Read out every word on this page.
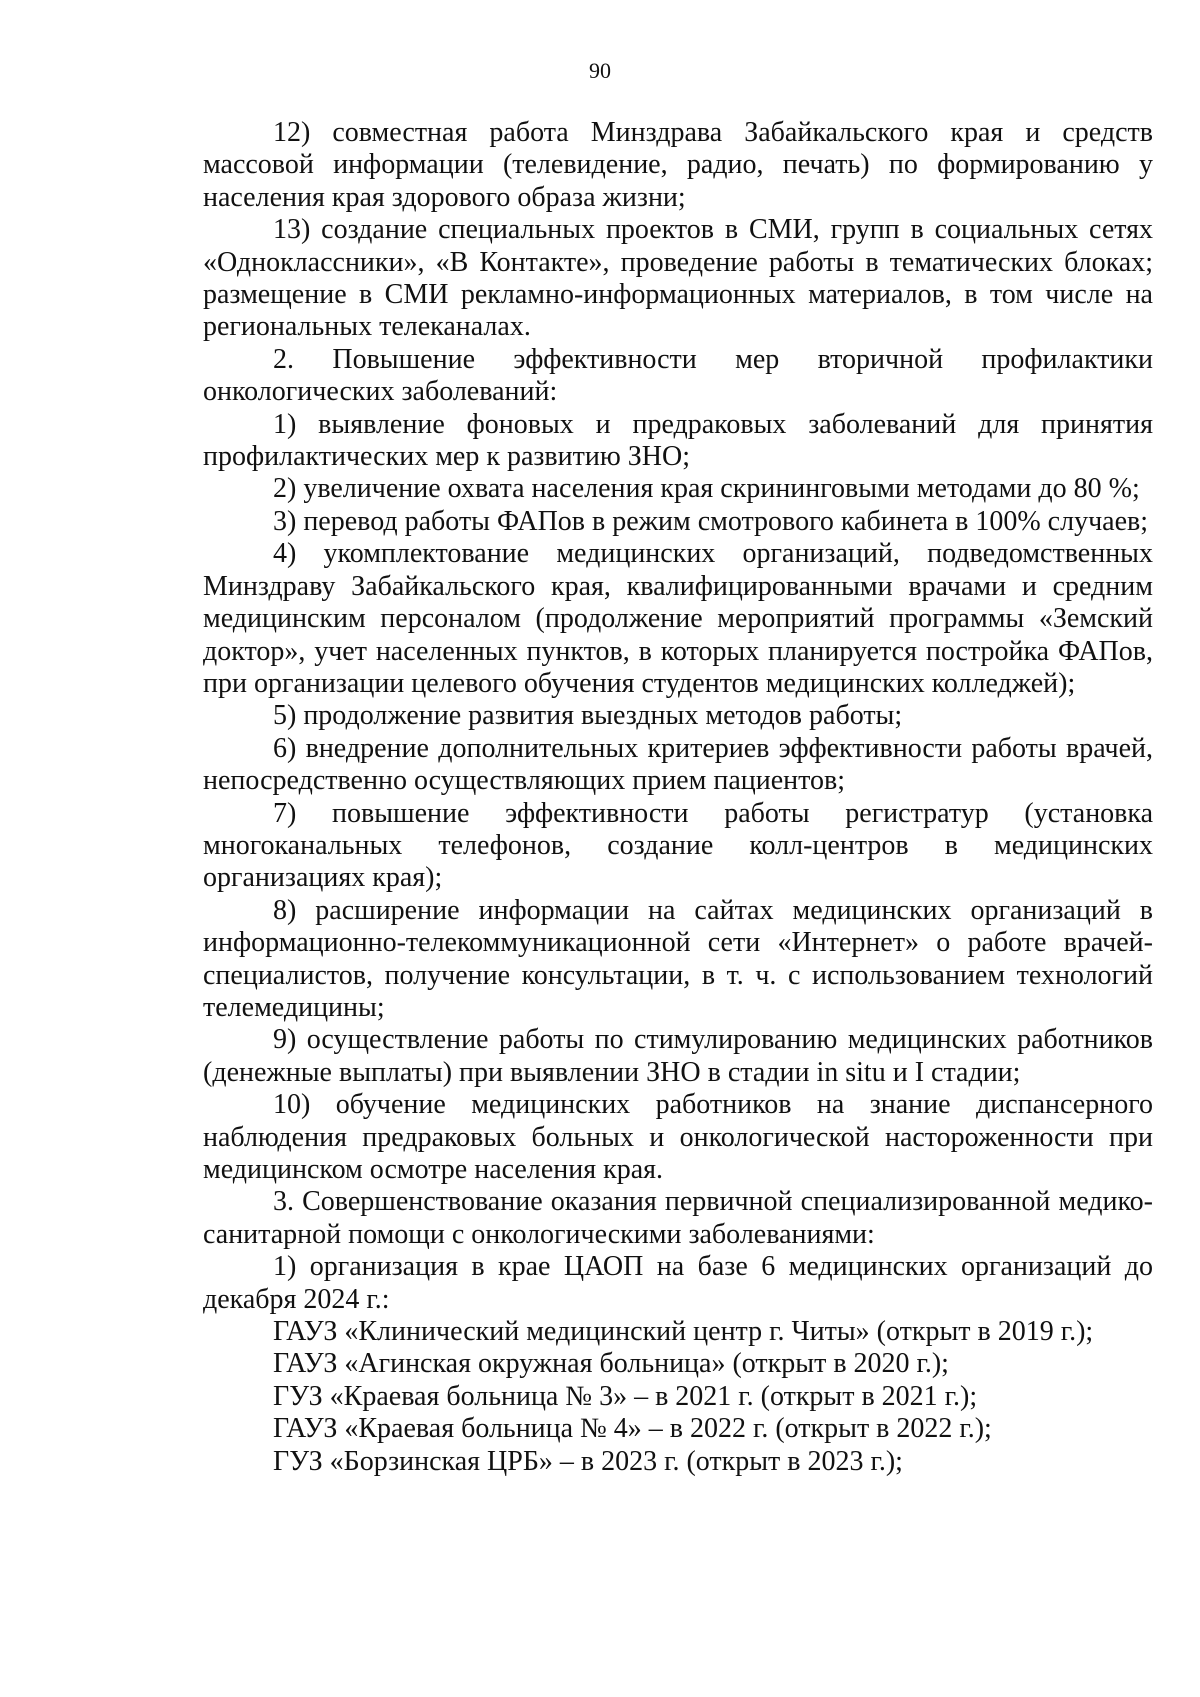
90

12) совместная работа Минздрава Забайкальского края и средств массовой информации (телевидение, радио, печать) по формированию у населения края здорового образа жизни;

13) создание специальных проектов в СМИ, групп в социальных сетях «Одноклассники», «В Контакте», проведение работы в тематических блоках; размещение в СМИ рекламно-информационных материалов, в том числе на региональных телеканалах.

2. Повышение эффективности мер вторичной профилактики онкологических заболеваний:

1) выявление фоновых и предраковых заболеваний для принятия профилактических мер к развитию ЗНО;

2) увеличение охвата населения края скрининговыми методами до 80 %;

3) перевод работы ФАПов в режим смотрового кабинета в 100% случаев;

4) укомплектование медицинских организаций, подведомственных Минздраву Забайкальского края, квалифицированными врачами и средним медицинским персоналом (продолжение мероприятий программы «Земский доктор», учет населенных пунктов, в которых планируется постройка ФАПов, при организации целевого обучения студентов медицинских колледжей);

5) продолжение развития выездных методов работы;

6) внедрение дополнительных критериев эффективности работы врачей, непосредственно осуществляющих прием пациентов;

7) повышение эффективности работы регистратур (установка многоканальных телефонов, создание колл-центров в медицинских организациях края);

8) расширение информации на сайтах медицинских организаций в информационно-телекоммуникационной сети «Интернет» о работе врачей-специалистов, получение консультации, в т. ч. с использованием технологий телемедицины;

9) осуществление работы по стимулированию медицинских работников (денежные выплаты) при выявлении ЗНО в стадии in situ и I стадии;

10) обучение медицинских работников на знание диспансерного наблюдения предраковых больных и онкологической настороженности при медицинском осмотре населения края.

3. Совершенствование оказания первичной специализированной медико-санитарной помощи с онкологическими заболеваниями:

1) организация в крае ЦАОП на базе 6 медицинских организаций до декабря 2024 г.:

ГАУЗ «Клинический медицинский центр г. Читы» (открыт в 2019 г.);

ГАУЗ «Агинская окружная больница» (открыт в 2020 г.);

ГУЗ «Краевая больница № 3» – в 2021 г. (открыт в 2021 г.);

ГАУЗ «Краевая больница № 4» – в 2022 г. (открыт в 2022 г.);

ГУЗ «Борзинская ЦРБ» – в 2023 г. (открыт в 2023 г.);
